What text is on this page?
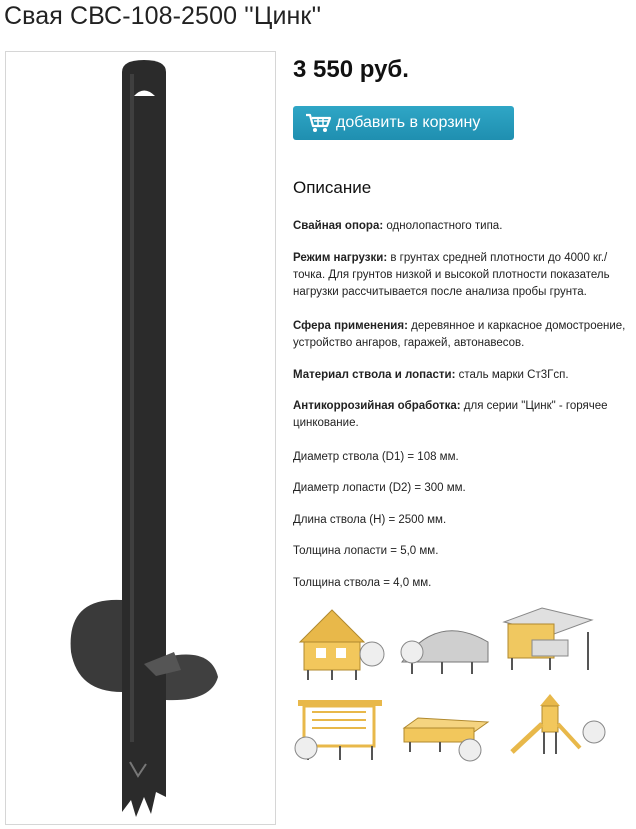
Свая СВС-108-2500 ''Цинк''
3 550 руб.
добавить в корзину
Описание

Свайная опора: однолопастного типа.

Режим нагрузки: в грунтах средней плотности до 4000 кг./ точка. Для грунтов низкой и высокой плотности показатель нагрузки рассчитывается после анализа пробы грунта.

Сфера применения: деревянное и каркасное домостроение, устройство ангаров, гаражей, автонавесов.

Материал ствола и лопасти: сталь марки Ст3Гсп.

Антикоррозийная обработка: для серии "Цинк" - горячее цинкование.

Диаметр ствола (D1) = 108 мм.

Диаметр лопасти (D2) = 300 мм.

Длина ствола (H) = 2500 мм.

Толщина лопасти = 5,0 мм.

Толщина ствола = 4,0 мм.
